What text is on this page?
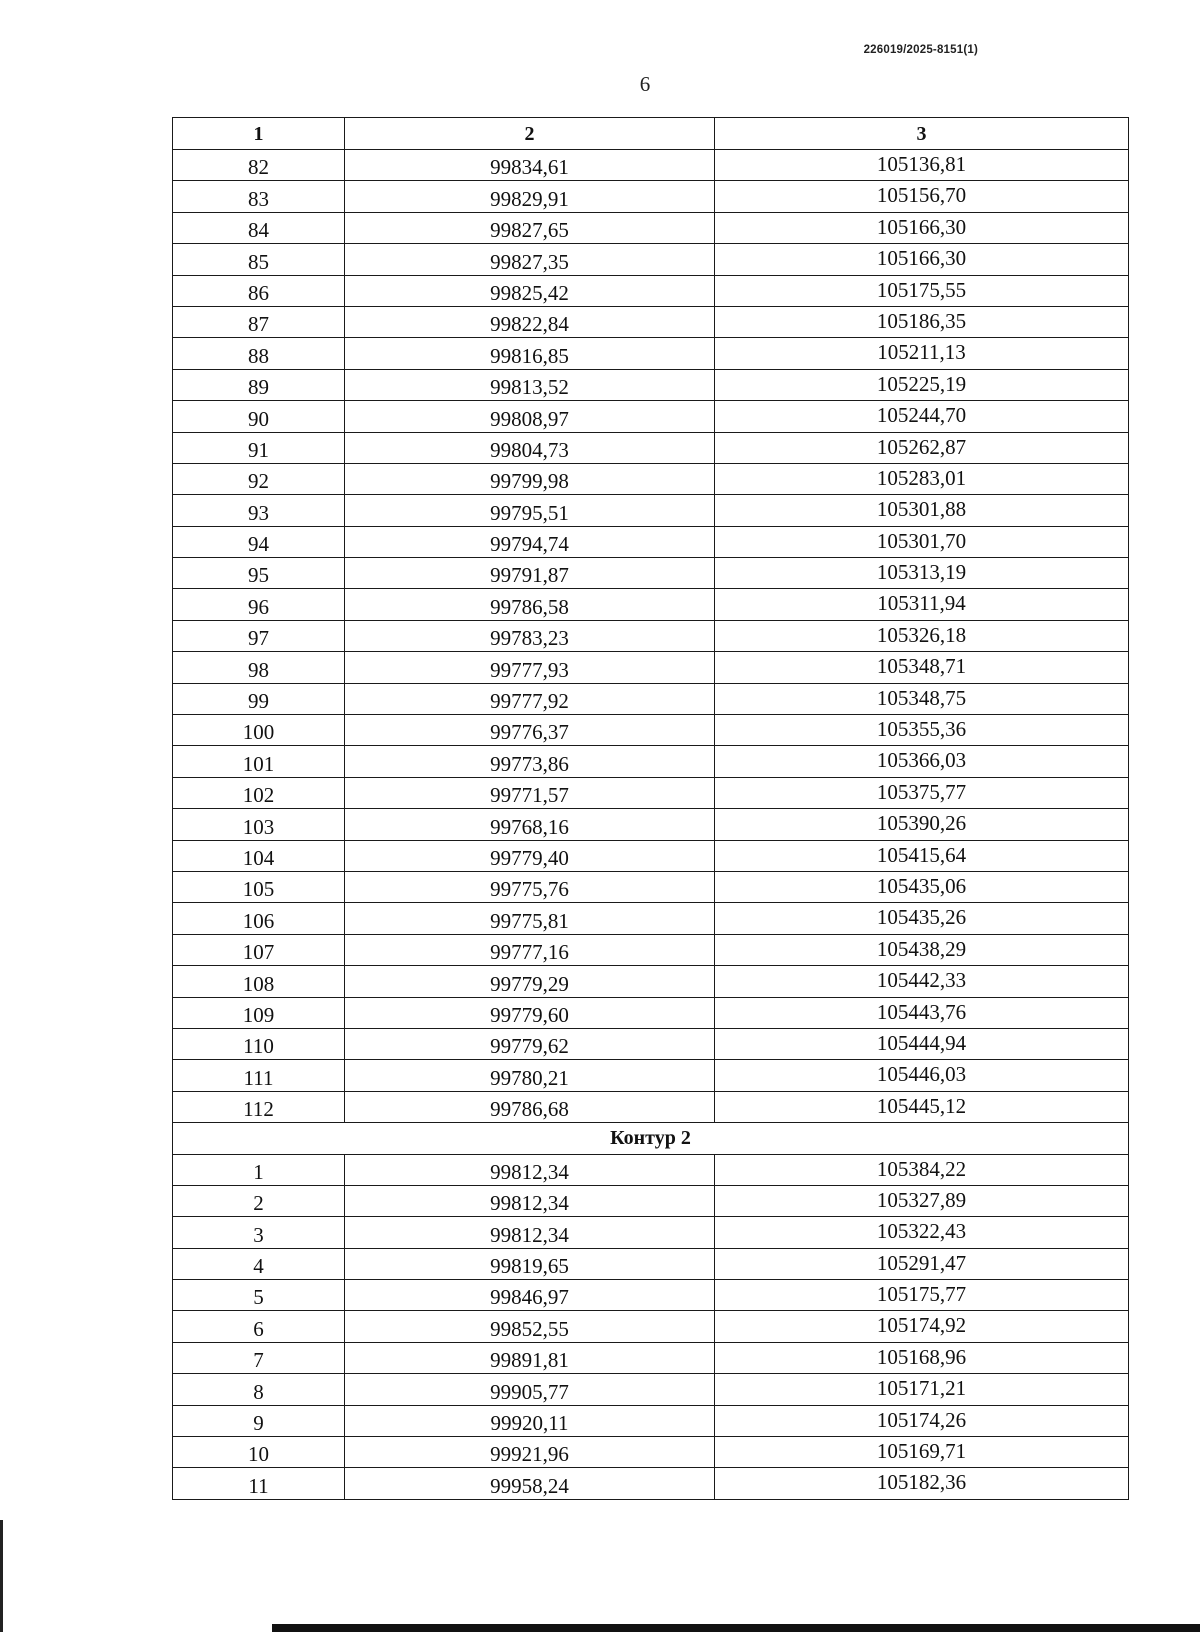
226019/2025-8151(1)
6
1	2	3
82	99834,61	105136,81
83	99829,91	105156,70
84	99827,65	105166,30
85	99827,35	105166,30
86	99825,42	105175,55
87	99822,84	105186,35
88	99816,85	105211,13
89	99813,52	105225,19
90	99808,97	105244,70
91	99804,73	105262,87
92	99799,98	105283,01
93	99795,51	105301,88
94	99794,74	105301,70
95	99791,87	105313,19
96	99786,58	105311,94
97	99783,23	105326,18
98	99777,93	105348,71
99	99777,92	105348,75
100	99776,37	105355,36
101	99773,86	105366,03
102	99771,57	105375,77
103	99768,16	105390,26
104	99779,40	105415,64
105	99775,76	105435,06
106	99775,81	105435,26
107	99777,16	105438,29
108	99779,29	105442,33
109	99779,60	105443,76
110	99779,62	105444,94
111	99780,21	105446,03
112	99786,68	105445,12
Контур 2		
1	99812,34	105384,22
2	99812,34	105327,89
3	99812,34	105322,43
4	99819,65	105291,47
5	99846,97	105175,77
6	99852,55	105174,92
7	99891,81	105168,96
8	99905,77	105171,21
9	99920,11	105174,26
10	99921,96	105169,71
11	99958,24	105182,36
